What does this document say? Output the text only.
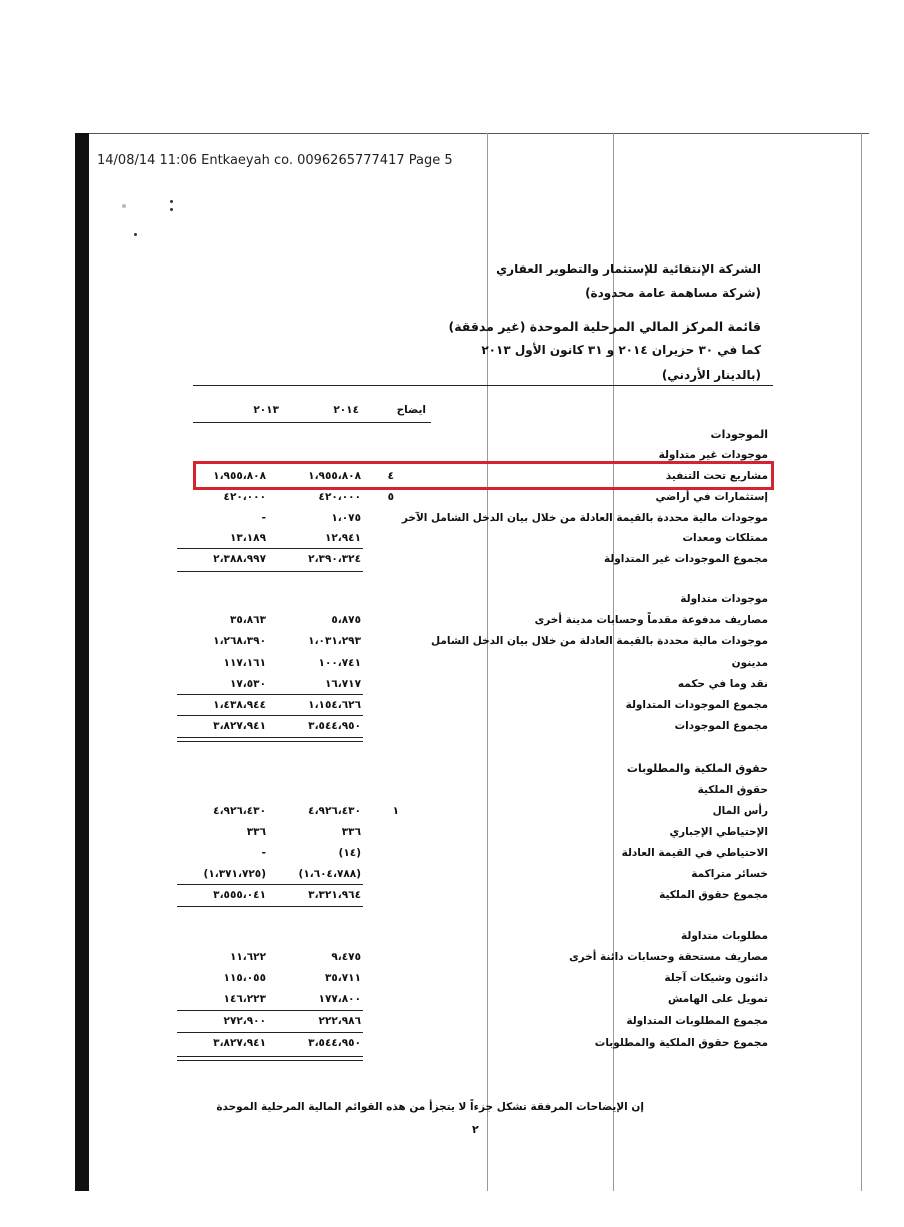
14/08/14 11:06 Entkaeyah co. 0096265777417 Page 5
الشركة الإنتقائية للإستثمار والتطوير العقاري
(شركة مساهمة عامة محدودة)
قائمة المركز المالي المرحلية الموحدة (غير مدققة)
كما في ٣٠ حزيران ٢٠١٤ و ٣١ كانون الأول ٢٠١٣
(بالدينار الأردني)
٢٠١٣	٢٠١٤	ايضاح
الموجودات
موجودات غير متداولة
موجودات متداولة
حقوق الملكية والمطلوبات
حقوق الملكية
مطلوبات متداولة
مشاريع تحت التنفيذ
٤
١،٩٥٥،٨٠٨
١،٩٥٥،٨٠٨
إستثمارات في أراضي
٥
٤٢٠،٠٠٠
٤٢٠،٠٠٠
موجودات مالية محددة بالقيمة العادلة من خلال بيان الدخل الشامل الآخر
١،٠٧٥
-
ممتلكات ومعدات
١٢،٩٤١
١٣،١٨٩
مجموع الموجودات غير المتداولة
٢،٣٩٠،٣٢٤
٢،٣٨٨،٩٩٧
مصاريف مدفوعة مقدماً وحسابات مدينة أخرى
٥،٨٧٥
٣٥،٨٦٣
موجودات مالية محددة بالقيمة العادلة من خلال بيان الدخل الشامل
١،٠٣١،٢٩٣
١،٢٦٨،٣٩٠
مدينون
١٠٠،٧٤١
١١٧،١٦١
نقد وما في حكمه
١٦،٧١٧
١٧،٥٣٠
مجموع الموجودات المتداولة
١،١٥٤،٦٢٦
١،٤٣٨،٩٤٤
مجموع الموجودات
٣،٥٤٤،٩٥٠
٣،٨٢٧،٩٤١
رأس المال
١
٤،٩٢٦،٤٣٠
٤،٩٢٦،٤٣٠
الإحتياطي الإجباري
٣٣٦
٣٣٦
الاحتياطي في القيمة العادلة
(١٤)
-
خسائر متراكمة
(١،٦٠٤،٧٨٨)
(١،٣٧١،٧٢٥)
مجموع حقوق الملكية
٣،٣٢١،٩٦٤
٣،٥٥٥،٠٤١
مصاريف مستحقة وحسابات دائنة أخرى
٩،٤٧٥
١١،٦٢٢
دائنون وشيكات آجلة
٣٥،٧١١
١١٥،٠٥٥
تمويل على الهامش
١٧٧،٨٠٠
١٤٦،٢٢٣
مجموع المطلوبات المتداولة
٢٢٢،٩٨٦
٢٧٢،٩٠٠
مجموع حقوق الملكية والمطلوبات
٣،٥٤٤،٩٥٠
٣،٨٢٧،٩٤١
إن الإيضاحات المرفقة تشكل جزءاً لا يتجزأ من هذه القوائم المالية المرحلية الموحدة
٢
